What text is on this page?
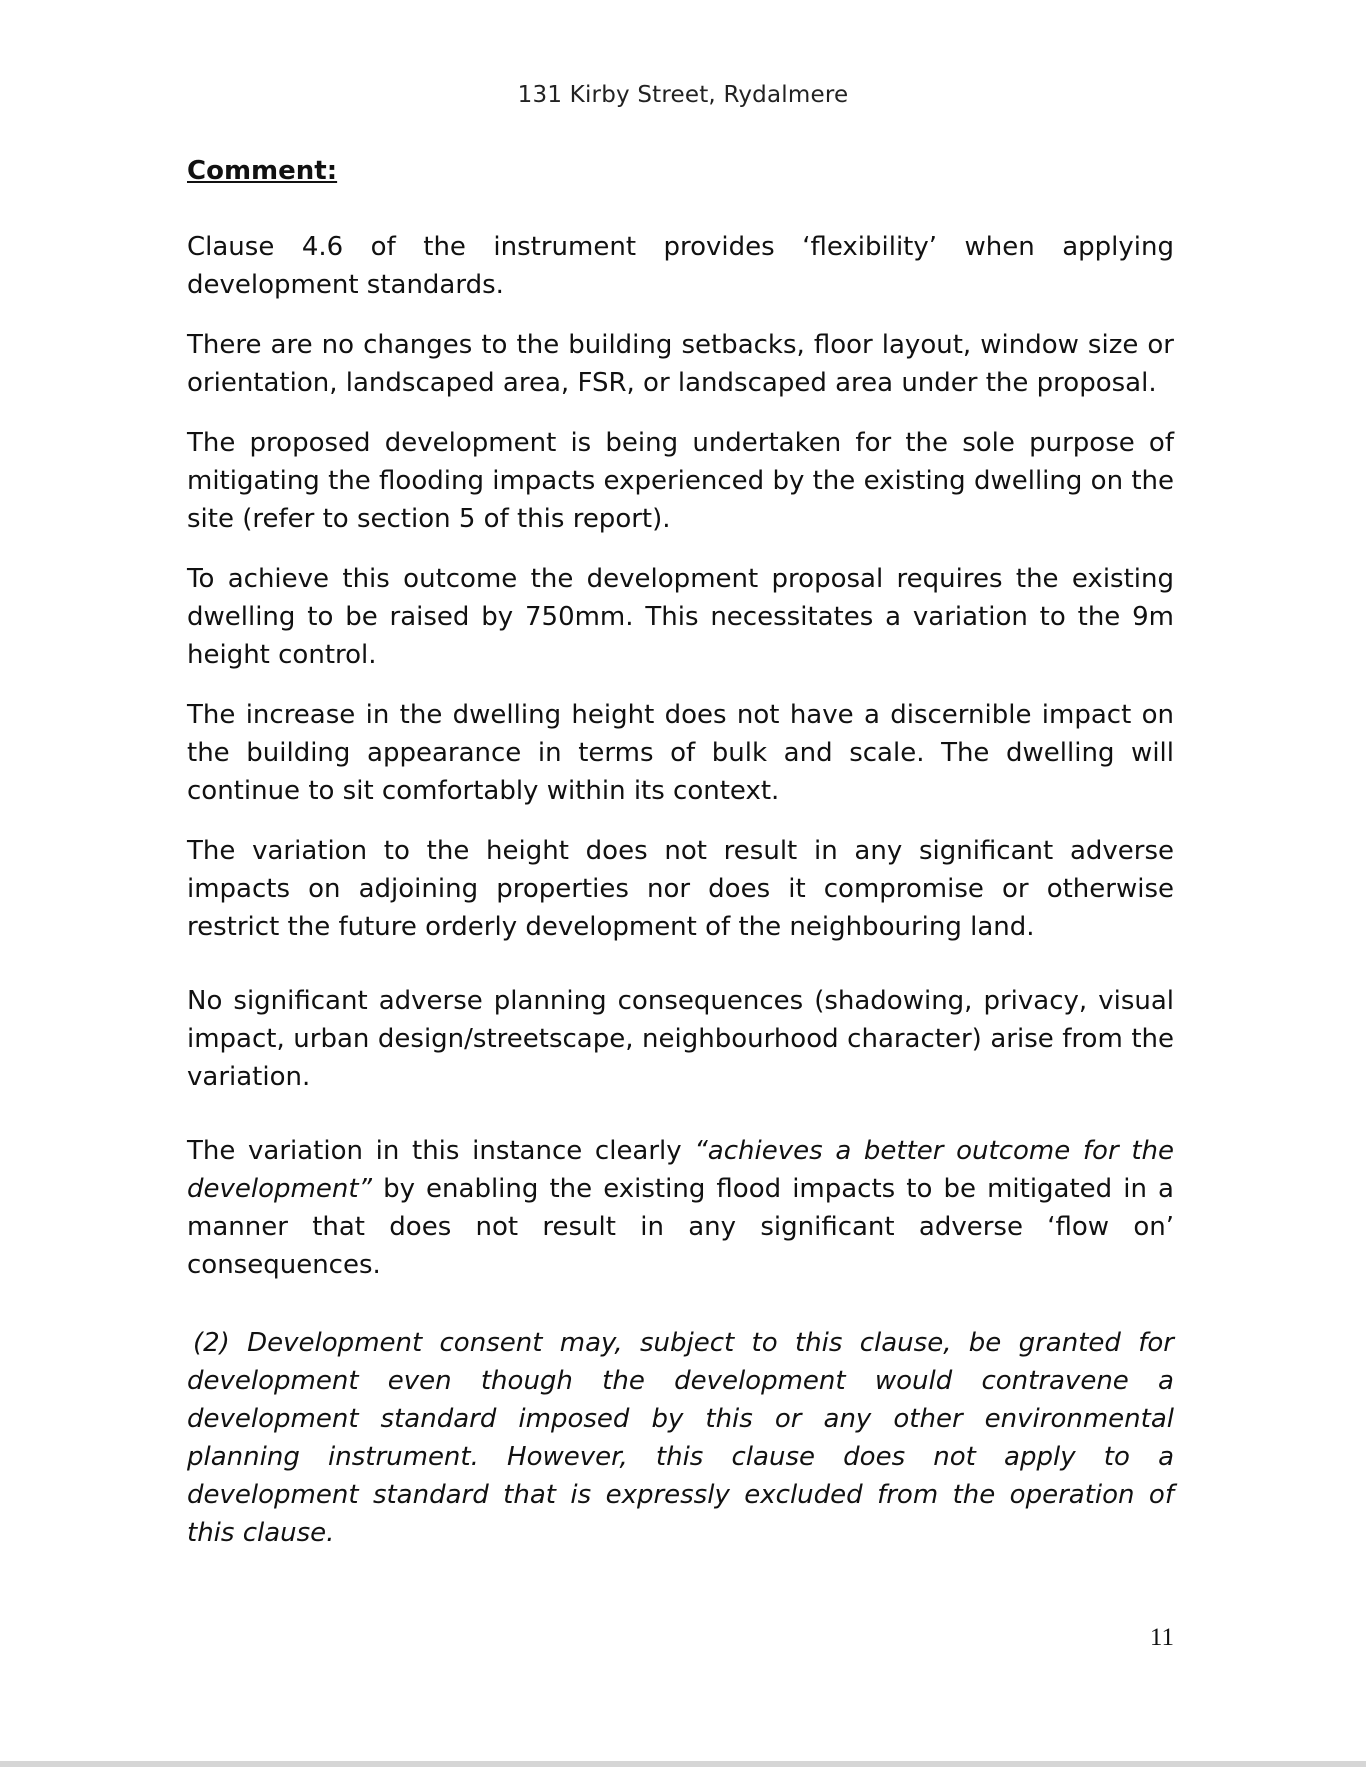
131 Kirby Street, Rydalmere

Comment:

Clause 4.6 of the instrument provides ‘flexibility’ when applying development standards.

There are no changes to the building setbacks, floor layout, window size or orientation, landscaped area, FSR, or landscaped area under the proposal.

The proposed development is being undertaken for the sole purpose of mitigating the flooding impacts experienced by the existing dwelling on the site (refer to section 5 of this report).

To achieve this outcome the development proposal requires the existing dwelling to be raised by 750mm. This necessitates a variation to the 9m height control.

The increase in the dwelling height does not have a discernible impact on the building appearance in terms of bulk and scale. The dwelling will continue to sit comfortably within its context.

The variation to the height does not result in any significant adverse impacts on adjoining properties nor does it compromise or otherwise restrict the future orderly development of the neighbouring land.

No significant adverse planning consequences (shadowing, privacy, visual impact, urban design/streetscape, neighbourhood character) arise from the variation.

The variation in this instance clearly “achieves a better outcome for the development” by enabling the existing flood impacts to be mitigated in a manner that does not result in any significant adverse ‘flow on’ consequences.

(2) Development consent may, subject to this clause, be granted for development even though the development would contravene a development standard imposed by this or any other environmental planning instrument. However, this clause does not apply to a development standard that is expressly excluded from the operation of this clause.

11
